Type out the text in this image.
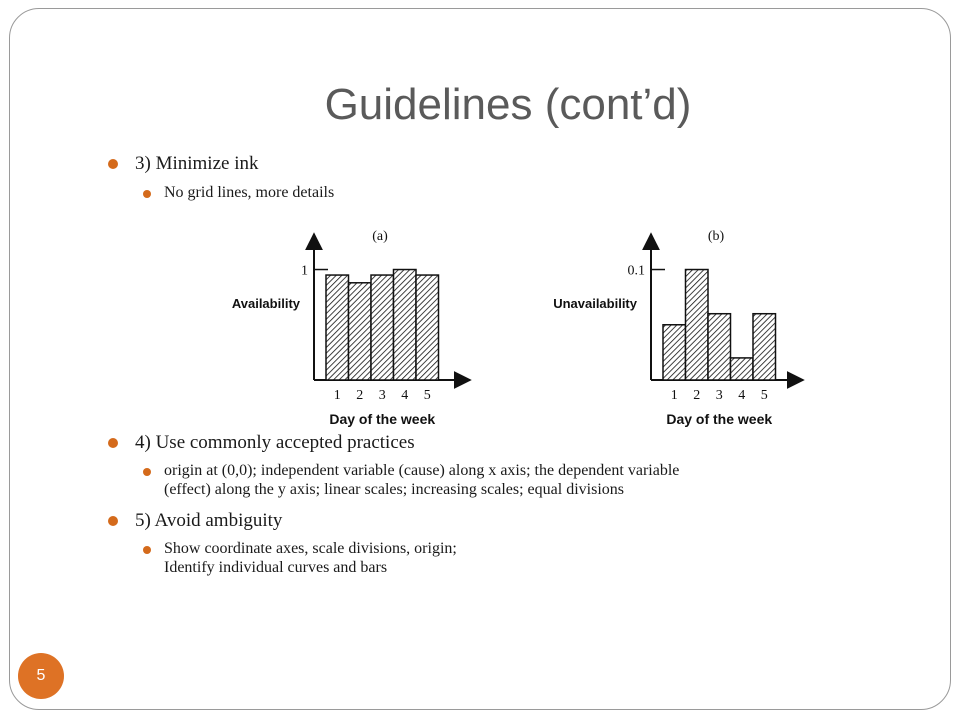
Guidelines (cont’d)
3) Minimize ink
No grid lines, more details
1 2 3 4 5
1
(a)
Availability
Day of the week
1 2 3 4 5
0.1
(b)
Unavailability
Day of the week
4) Use commonly accepted practices
origin at (0,0); independent variable (cause) along x axis; the dependent variable
(effect) along the y axis; linear scales; increasing scales; equal divisions
5) Avoid ambiguity
Show coordinate axes, scale divisions, origin;
Identify individual curves and bars
5
